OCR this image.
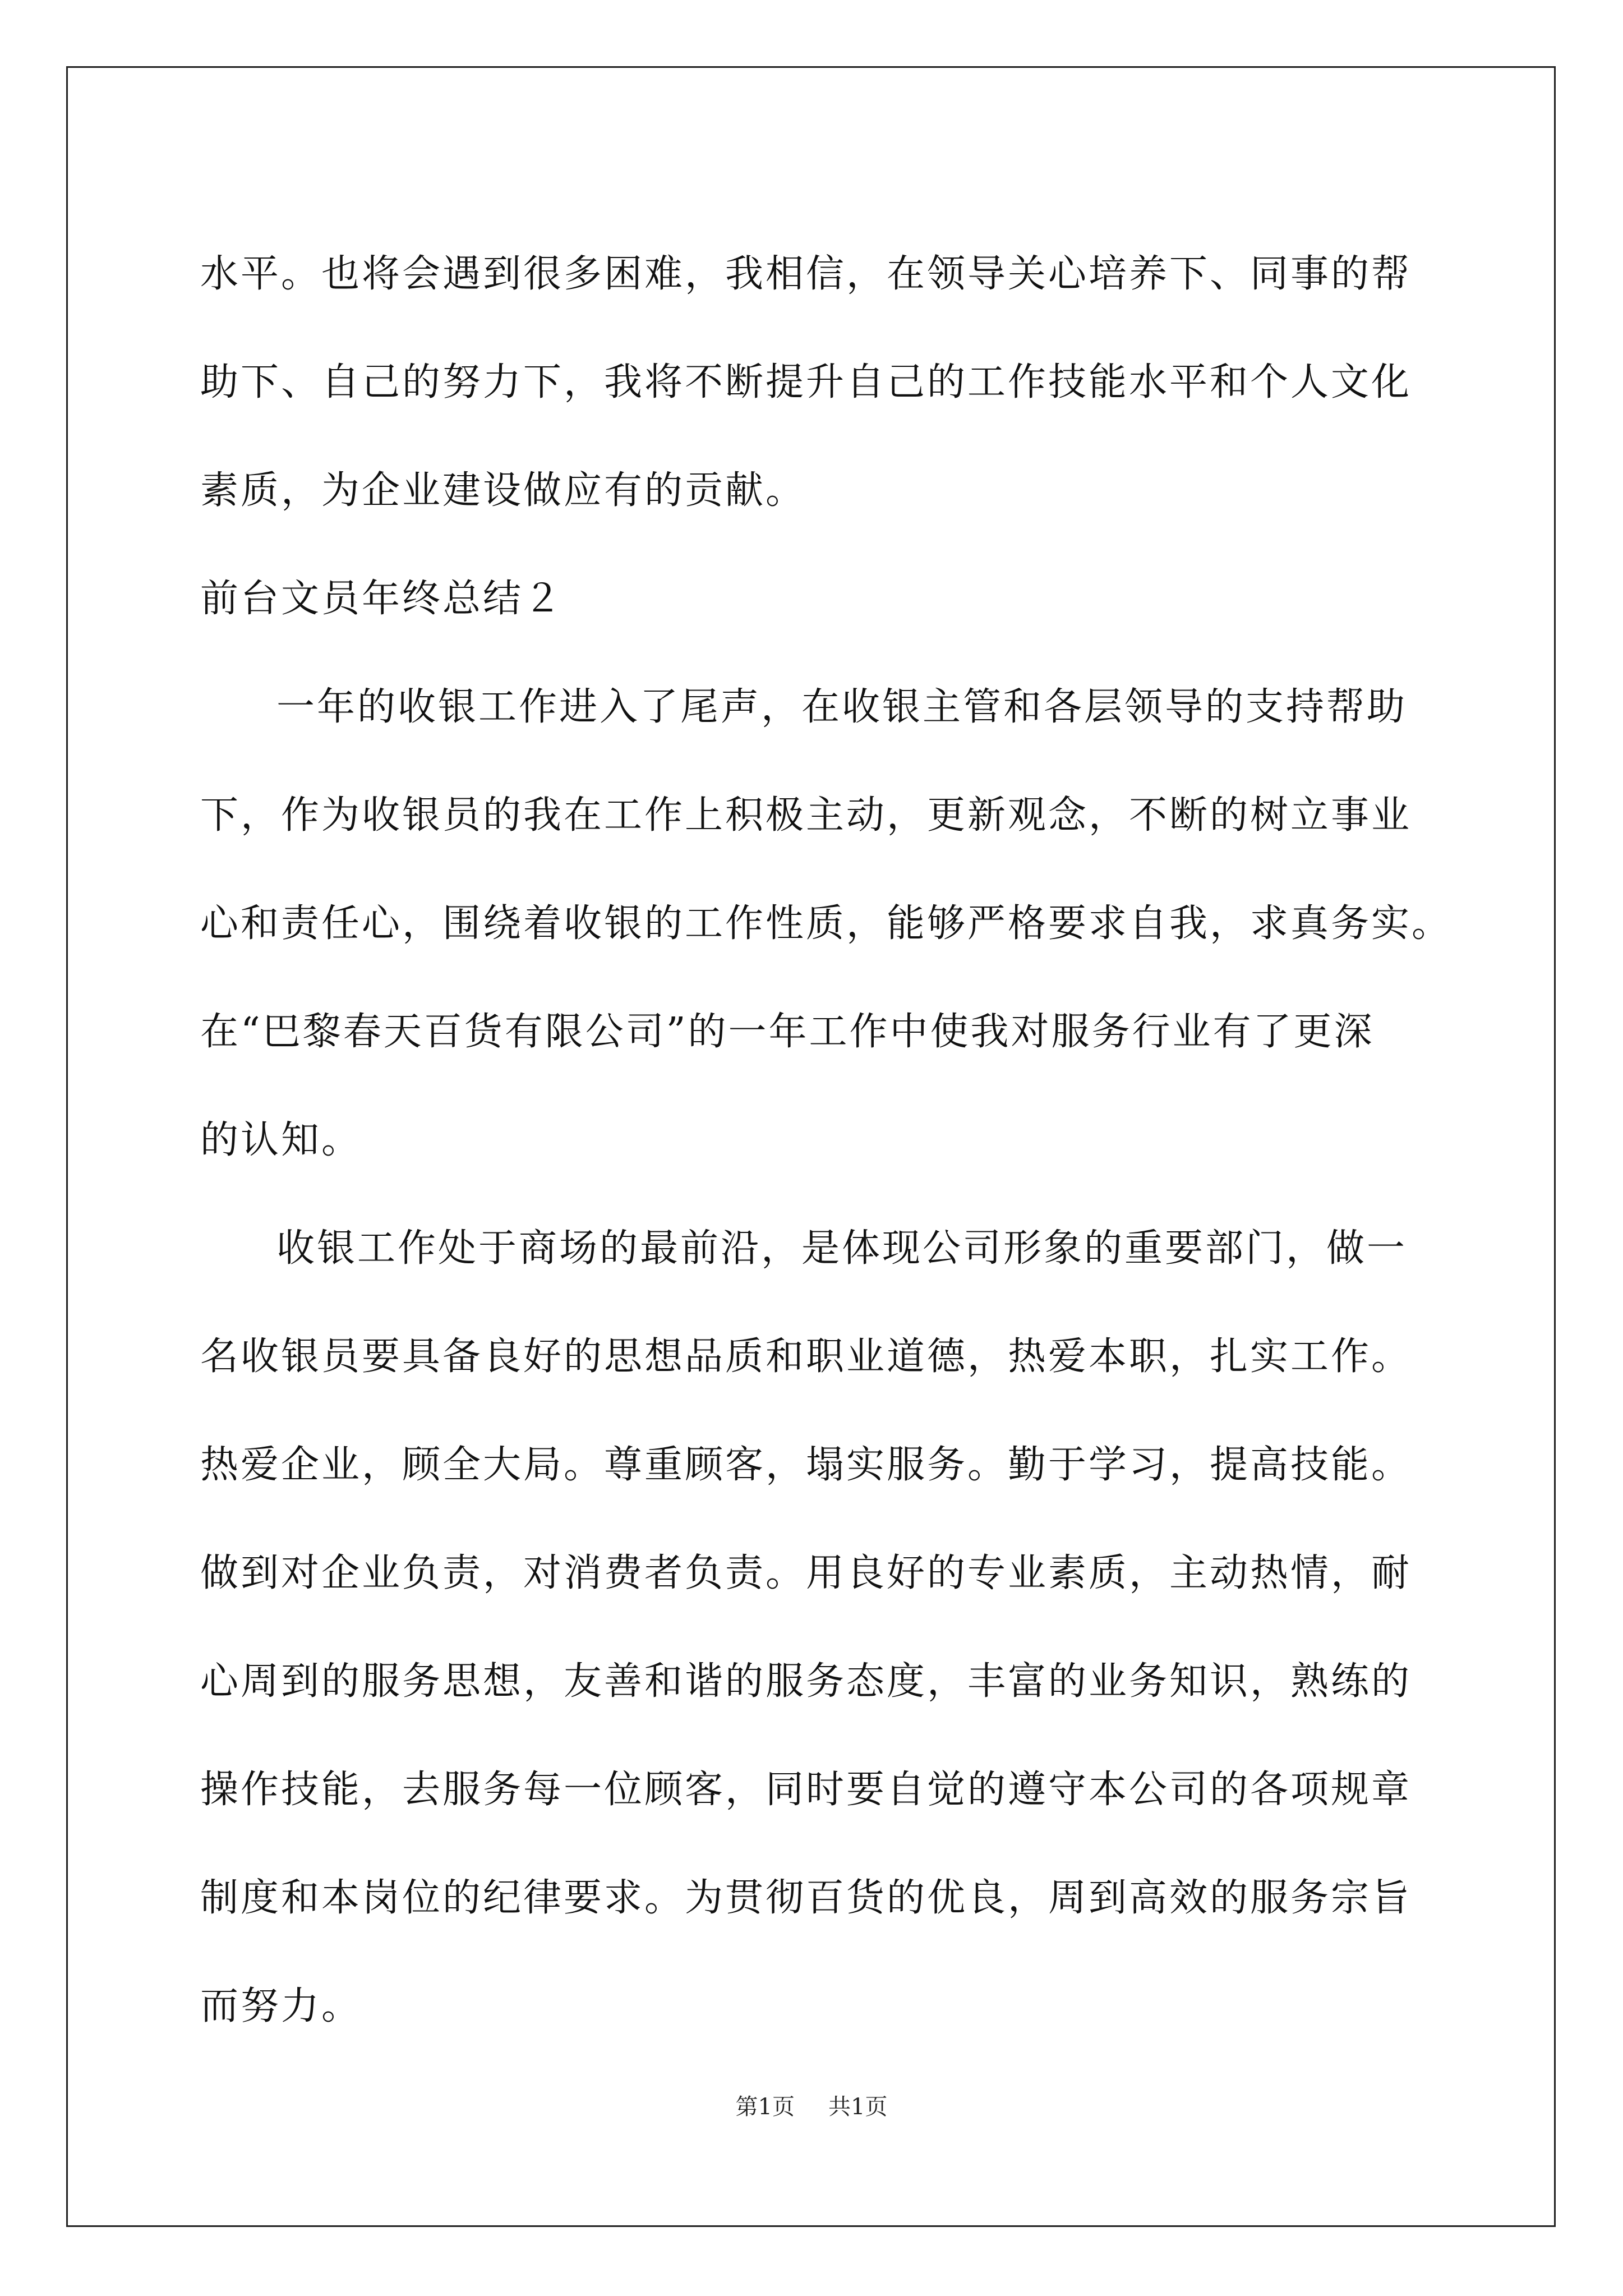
水平。也将会遇到很多困难，我相信，在领导关心培养下、同事的帮
助下、自己的努力下，我将不断提升自己的工作技能水平和个人文化
素质，为企业建设做应有的贡献。
前台文员年终总结２
一年的收银工作进入了尾声，在收银主管和各层领导的支持帮助
下，作为收银员的我在工作上积极主动，更新观念，不断的树立事业
心和责任心，围绕着收银的工作性质，能够严格要求自我，求真务实。
在“巴黎春天百货有限公司”的一年工作中使我对服务行业有了更深
的认知。
收银工作处于商场的最前沿，是体现公司形象的重要部门，做一
名收银员要具备良好的思想品质和职业道德，热爱本职，扎实工作。
热爱企业，顾全大局。尊重顾客，塌实服务。勤于学习，提高技能。
做到对企业负责，对消费者负责。用良好的专业素质，主动热情，耐
心周到的服务思想，友善和谐的服务态度，丰富的业务知识，熟练的
操作技能，去服务每一位顾客，同时要自觉的遵守本公司的各项规章
制度和本岗位的纪律要求。为贯彻百货的优良，周到高效的服务宗旨
而努力。
第1页 共1页
